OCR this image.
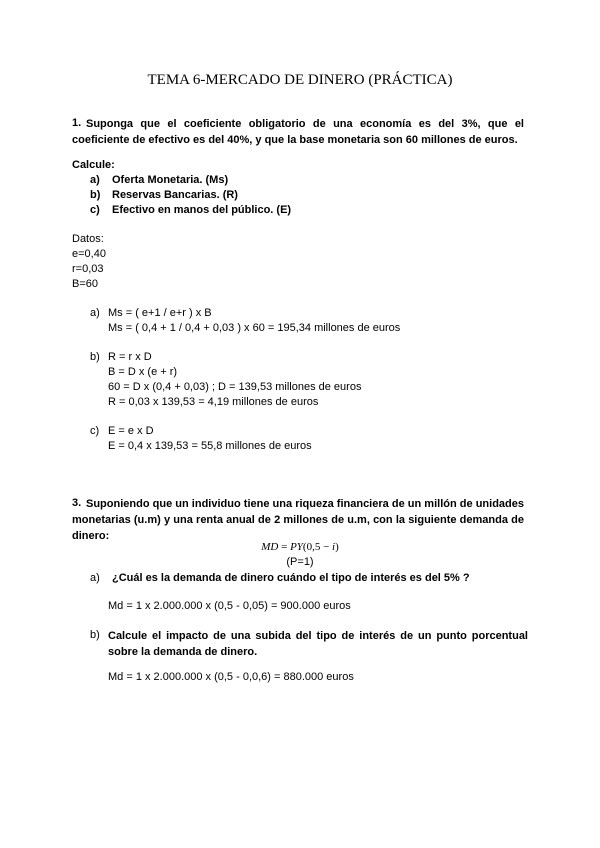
TEMA 6-MERCADO DE DINERO (PRÁCTICA)
1. Suponga que el coeficiente obligatorio de una economía es del 3%, que el coeficiente de efectivo es del 40%, y que la base monetaria son 60 millones de euros.
Calcule:
a) Oferta Monetaria. (Ms)
b) Reservas Bancarias. (R)
c) Efectivo en manos del público. (E)
Datos:
e=0,40
r=0,03
B=60
a) Ms = ( e+1 / e+r ) x B
Ms = ( 0,4 + 1 / 0,4 + 0,03 ) x 60 = 195,34 millones de euros
b) R = r x D
B = D x (e + r)
60 = D x (0,4 + 0,03) ; D = 139,53 millones de euros
R = 0,03 x 139,53 = 4,19 millones de euros
c) E = e x D
E = 0,4 x 139,53 = 55,8 millones de euros
3. Suponiendo que un individuo tiene una riqueza financiera de un millón de unidades monetarias (u.m) y una renta anual de 2 millones de u.m, con la siguiente demanda de dinero:
MD = PY(0,5 − i)
(P=1)
a) ¿Cuál es la demanda de dinero cuándo el tipo de interés es del 5% ?
Md = 1 x 2.000.000 x (0,5 - 0,05) = 900.000 euros
b) Calcule el impacto de una subida del tipo de interés de un punto porcentual sobre la demanda de dinero.
Md = 1 x 2.000.000 x (0,5 - 0,0,6) = 880.000 euros
